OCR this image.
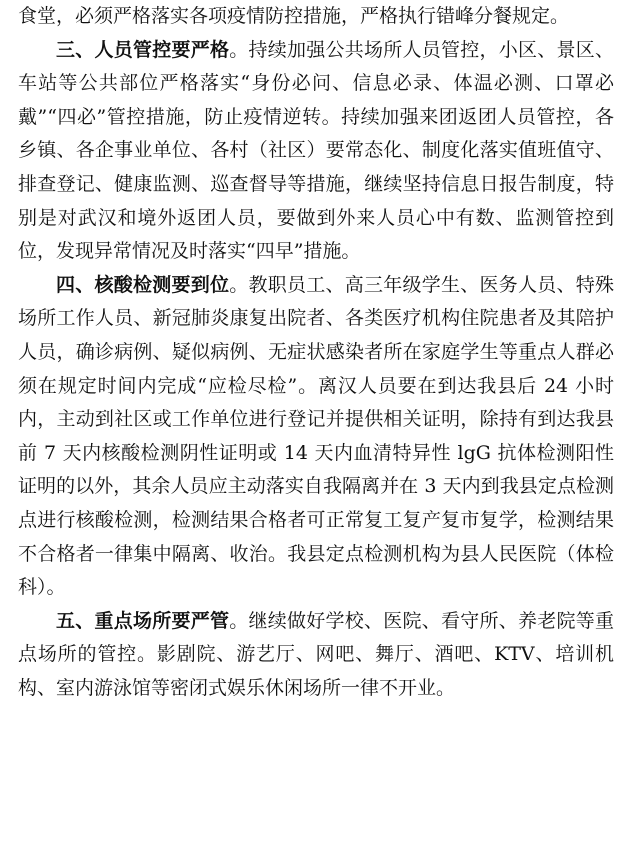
食堂，必须严格落实各项疫情防控措施，严格执行错峰分餐规定。

三、人员管控要严格。持续加强公共场所人员管控，小区、景区、车站等公共部位严格落实“身份必问、信息必录、体温必测、口罩必戴”“四必”管控措施，防止疫情逆转。持续加强来团返团人员管控，各乡镇、各企事业单位、各村（社区）要常态化、制度化落实值班值守、排查登记、健康监测、巡查督导等措施，继续坚持信息日报告制度，特别是对武汉和境外返团人员，要做到外来人员心中有数、监测管控到位，发现异常情况及时落实“四早”措施。

四、核酸检测要到位。教职员工、高三年级学生、医务人员、特殊场所工作人员、新冠肺炎康复出院者、各类医疗机构住院患者及其陪护人员，确诊病例、疑似病例、无症状感染者所在家庭学生等重点人群必须在规定时间内完成“应检尽检”。离汉人员要在到达我县后 24 小时内，主动到社区或工作单位进行登记并提供相关证明，除持有到达我县前 7 天内核酸检测阴性证明或 14 天内血清特异性 lgG 抗体检测阳性证明的以外，其余人员应主动落实自我隔离并在 3 天内到我县定点检测点进行核酸检测，检测结果合格者可正常复工复产复市复学，检测结果不合格者一律集中隔离、收治。我县定点检测机构为县人民医院（体检科）。

五、重点场所要严管。继续做好学校、医院、看守所、养老院等重点场所的管控。影剧院、游艺厅、网吧、舞厅、酒吧、KTV、培训机构、室内游泳馆等密闭式娱乐休闲场所一律不开业。
